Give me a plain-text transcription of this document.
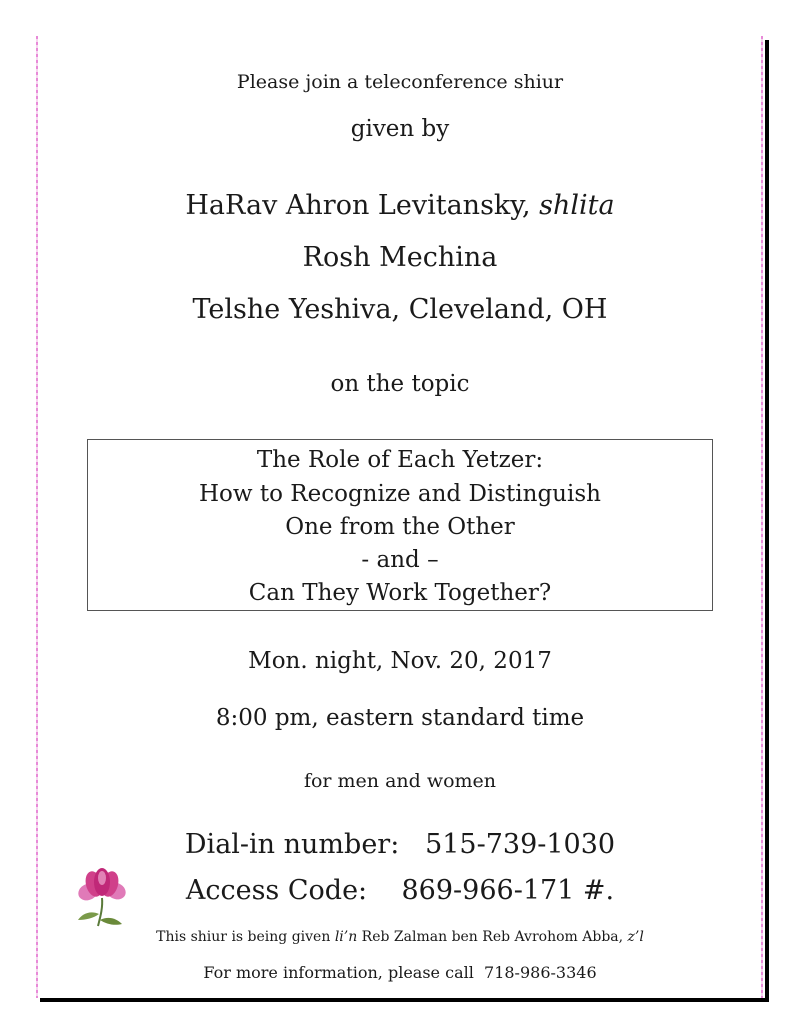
Please join a teleconference shiur
given by
HaRav Ahron Levitansky, shlita
Rosh Mechina
Telshe Yeshiva, Cleveland, OH
on the topic
The Role of Each Yetzer:
How to Recognize and Distinguish
One from the Other
- and –
Can They Work Together?
Mon. night, Nov. 20, 2017
8:00 pm, eastern standard time
for men and women
Dial-in number: 515-739-1030
Access Code: 869-966-171 #.
This shiur is being given li’n Reb Zalman ben Reb Avrohom Abba, z’l
For more information, please call 718-986-3346
